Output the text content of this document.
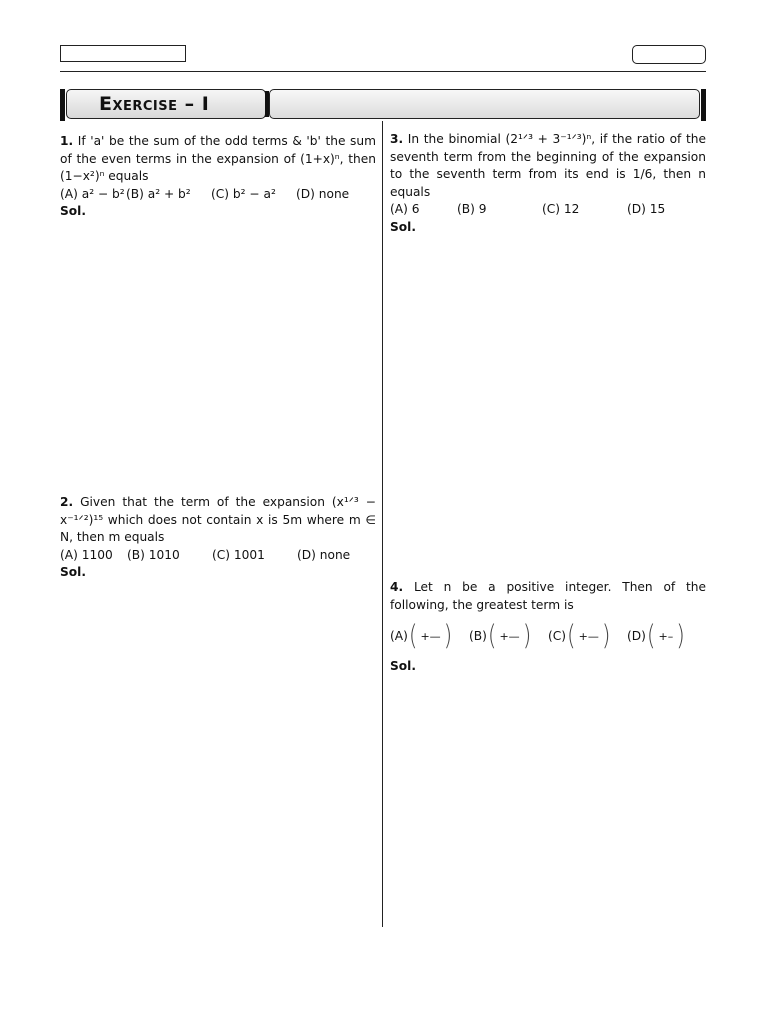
Exercise – I
1. If 'a' be the sum of the odd terms & 'b' the sum of the even terms in the expansion of (1+x)ⁿ, then (1−x²)ⁿ equals
(A) a² − b² (B) a² + b²	(C) b² − a²	(D) none
Sol.
2. Given that the term of the expansion (x¹ᐟ³ − x⁻¹ᐟ²)¹⁵ which does not contain x is 5m where m ∈ N, then m equals
(A) 1100	(B) 1010	(C) 1001	(D) none
Sol.
3. In the binomial (2¹ᐟ³ + 3⁻¹ᐟ³)ⁿ, if the ratio of the seventh term from the beginning of the expansion to the seventh term from its end is 1/6, then n equals
(A) 6	(B) 9	(C) 12	(D) 15
Sol.
4. Let n be a positive integer. Then of the following, the greatest term is
(A) ( +— ) (B) ( +— ) (C) ( +— ) (D) ( +– )
Sol.
